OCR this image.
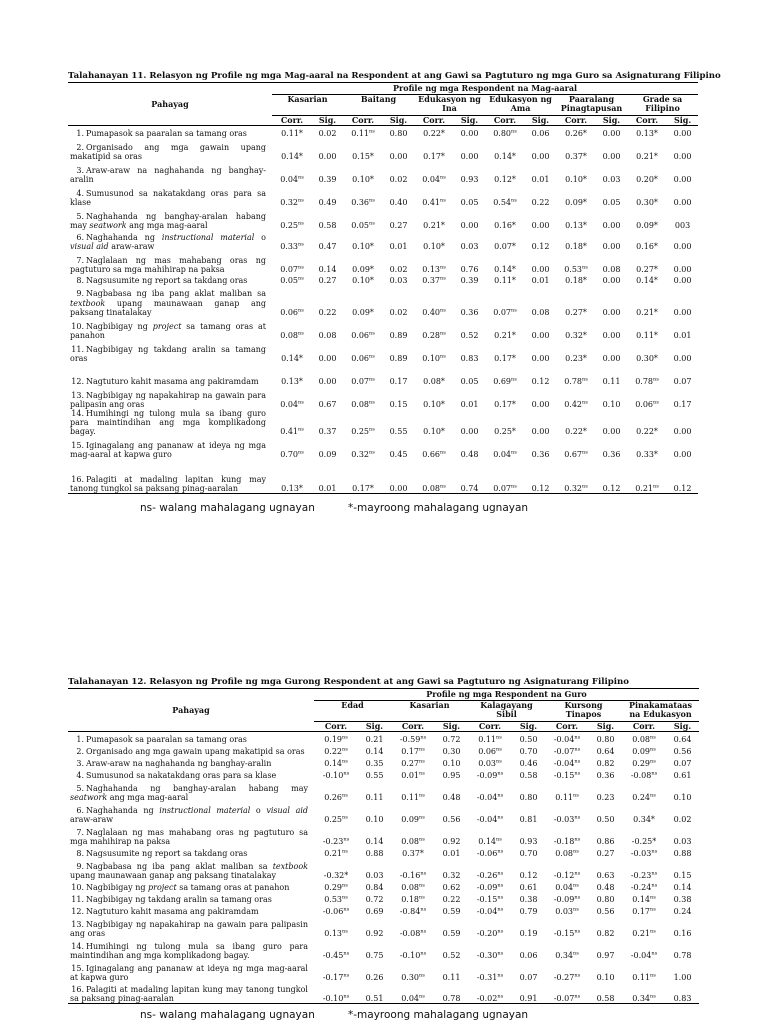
Talahanayan 11. Relasyon ng Profile ng mga Mag-aaral na Respondent at ang Gawi sa Pagtuturo ng mga Guro sa Asignaturang Filipino
Pahayag	Profile ng mga Respondent na Mag-aaral											
	Kasarian		Baitang		Edukasyon ng Ina		Edukasyon ng Ama		Paaralang Pinagtapusan		Grade sa Filipino	
	Corr.	Sig.	Corr.	Sig.	Corr.	Sig.	Corr.	Sig.	Corr.	Sig.	Corr.	Sig.
1. Pumapasok sa paaralan sa tamang oras	0.11*	0.02	$0.11^{ns}$	0.80	0.22*	0.00	$0.80^{ns}$	0.06	0.26*	0.00	0.13*	0.00
2. Organisado ang mga gawain upang makatipid sa oras	0.14*	0.00	0.15*	0.00	0.17*	0.00	0.14*	0.00	0.37*	0.00	0.21*	0.00
3. Araw-araw na naghahanda ng banghay-aralin	$0.04^{ns}$	0.39	0.10*	0.02	$0.04^{ns}$	0.93	0.12*	0.01	0.10*	0.03	0.20*	0.00
4. Sumusunod sa nakatakdang oras para sa klase	$0.32^{ns}$	0.49	$0.36^{ns}$	0.40	$0.41^{ns}$	0.05	$0.54^{ns}$	0.22	0.09*	0.05	0.30*	0.00
5. Naghahanda ng banghay-aralan habang may seatwork ang mga mag-aaral	$0.25^{ns}$	0.58	$0.05^{ns}$	0.27	0.21*	0.00	0.16*	0.00	0.13*	0.00	0.09*	003
6. Naghahanda ng instructional material o visual aid araw-araw	$0.33^{ns}$	0.47	0.10*	0.01	0.10*	0.03	0.07*	0.12	0.18*	0.00	0.16*	0.00
7. Naglalaan ng mas mahabang oras ng pagtuturo sa mga mahihirap na paksa	$0.07^{ns}$	0.14	0.09*	0.02	$0.13^{ns}$	0.76	0.14*	0.00	$0.53^{ns}$	0.08	0.27*	0.00
8. Nagsusumite ng report sa takdang oras	$0.05^{ns}$	0.27	0.10*	0.03	$0.37^{ns}$	0.39	0.11*	0.01	0.18*	0.00	0.14*	0.00
9. Nagbabasa ng iba pang aklat maliban sa textbook upang maunawaan ganap ang paksang tinatalakay	$0.06^{ns}$	0.22	0.09*	0.02	$0.40^{ns}$	0.36	$0.07^{ns}$	0.08	0.27*	0.00	0.21*	0.00
10. Nagbibigay ng project sa tamang oras at panahon	$0.08^{ns}$	0.08	$0.06^{ns}$	0.89	$0.28^{ns}$	0.52	0.21*	0.00	0.32*	0.00	0.11*	0.01
11. Nagbibigay ng takdang aralin sa tamang oras	0.14*	0.00	$0.06^{ns}$	0.89	$0.10^{ns}$	0.83	0.17*	0.00	0.23*	0.00	0.30*	0.00
12. Nagtuturo kahit masama ang pakiramdam	0.13*	0.00	$0.07^{ns}$	0.17	0.08*	0.05	$0.69^{ns}$	0.12	$0.78^{ns}$	0.11	$0.78^{ns}$	0.07
13. Nagbibigay ng napakahirap na gawain para palipasin ang oras	$0.04^{ns}$	0.67	$0.08^{ns}$	0.15	0.10*	0.01	0.17*	0.00	$0.42^{ns}$	0.10	$0.06^{ns}$	0.17
14. Humihingi ng tulong mula sa ibang guro para maintindihan ang mga komplikadong bagay.	$0.41^{ns}$	0.37	$0.25^{ns}$	0.55	0.10*	0.00	0.25*	0.00	0.22*	0.00	0.22*	0.00
15. Iginagalang ang pananaw at ideya ng mga mag-aaral at kapwa guro	$0.70^{ns}$	0.09	$0.32^{ns}$	0.45	$0.66^{ns}$	0.48	$0.04^{ns}$	0.36	$0.67^{ns}$	0.36	0.33*	0.00
16. Palagiti at madaling lapitan kung may tanong tungkol sa paksang pinag-aaralan	0.13*	0.01	0.17*	0.00	$0.08^{ns}$	0.74	$0.07^{ns}$	0.12	$0.32^{ns}$	0.12	$0.21^{ns}$	0.12
ns- walang mahalagang ugnayan	*-mayroong mahalagang ugnayan
Talahanayan 12. Relasyon ng Profile ng mga Gurong Respondent at ang Gawi sa Pagtuturo ng Asignaturang Filipino
Pahayag	Profile ng mga Respondent na Guro									
	Edad		Kasarian		Kalagayang Sibil		Kursong Tinapos		Pinakamataas na Edukasyon	
	Corr.	Sig.	Corr.	Sig.	Corr.	Sig.	Corr.	Sig.	Corr.	Sig.
1. Pumapasok sa paaralan sa tamang oras	$0.19^{ns}$	0.21	$-0.59^{ns}$	0.72	$0.11^{ns}$	0.50	$-0.04^{ns}$	0.80	$0.08^{ns}$	0.64
2. Organisado ang mga gawain upang makatipid sa oras	$0.22^{ns}$	0.14	$0.17^{ns}$	0.30	$0.06^{ns}$	0.70	$-0.07^{ns}$	0.64	$0.09^{ns}$	0.56
3. Araw-araw na naghahanda ng banghay-aralin	$0.14^{ns}$	0.35	$0.27^{ns}$	0.10	$0.03^{ns}$	0.46	$-0.04^{ns}$	0.82	$0.29^{ns}$	0.07
4. Sumusunod sa nakatakdang oras para sa klase	$-0.10^{ns}$	0.55	$0.01^{ns}$	0.95	$-0.09^{ns}$	0.58	$-0.15^{ns}$	0.36	$-0.08^{ns}$	0.61
5. Naghahanda ng banghay-aralan habang may seatwork ang mga mag-aaral	$0.26^{ns}$	0.11	$0.11^{ns}$	0.48	$-0.04^{ns}$	0.80	$0.11^{ns}$	0.23	$0.24^{ns}$	0.10
6. Naghahanda ng instructional material o visual aid araw-araw	$0.25^{ns}$	0.10	$0.09^{ns}$	0.56	$-0.04^{ns}$	0.81	$-0.03^{ns}$	0.50	0.34*	0.02
7. Naglalaan ng mas mahabang oras ng pagtuturo sa mga mahihirap na paksa	$-0.23^{ns}$	0.14	$0.08^{ns}$	0.92	$0.14^{ns}$	0.93	$-0.18^{ns}$	0.86	-0.25*	0.03
8. Nagsusumite ng report sa takdang oras	$0.21^{ns}$	0.88	0.37*	0.01	$-0.06^{ns}$	0.70	$0.08^{ns}$	0.27	$-0.03^{ns}$	0.88
9. Nagbabasa ng iba pang aklat maliban sa textbook upang maunawaan ganap ang paksang tinatalakay	-0.32*	0.03	$-0.16^{ns}$	0.32	$-0.26^{ns}$	0.12	$-0.12^{ns}$	0.63	$-0.23^{ns}$	0.15
10. Nagbibigay ng project sa tamang oras at panahon	$0.29^{ns}$	0.84	$0.08^{ns}$	0.62	$-0.09^{ns}$	0.61	$0.04^{ns}$	0.48	$-0.24^{ns}$	0.14
11. Nagbibigay ng takdang aralin sa tamang oras	$0.53^{ns}$	0.72	$0.18^{ns}$	0.22	$-0.15^{ns}$	0.38	$-0.09^{ns}$	0.80	$0.14^{ns}$	0.38
12. Nagtuturo kahit masama ang pakiramdam	$-0.06^{ns}$	0.69	$-0.84^{ns}$	0.59	$-0.04^{ns}$	0.79	$0.03^{ns}$	0.56	$0.17^{ns}$	0.24
13. Nagbibigay ng napakahirap na gawain para palipasin ang oras	$0.13^{ns}$	0.92	$-0.08^{ns}$	0.59	$-0.20^{ns}$	0.19	$-0.15^{ns}$	0.82	$0.21^{ns}$	0.16
14. Humihingi ng tulong mula sa ibang guro para maintindihan ang mga komplikadong bagay.	$-0.45^{ns}$	0.75	$-0.10^{ns}$	0.52	$-0.30^{ns}$	0.06	$0.34^{ns}$	0.97	$-0.04^{ns}$	0.78
15. Iginagalang ang pananaw at ideya ng mga mag-aaral at kapwa guro	$-0.17^{ns}$	0.26	$0.30^{ns}$	0.11	$-0.31^{ns}$	0.07	$-0.27^{ns}$	0.10	$0.11^{ns}$	1.00
16. Palagiti at madaling lapitan kung may tanong tungkol sa paksang pinag-aaralan	$-0.10^{ns}$	0.51	$0.04^{ns}$	0.78	$-0.02^{ns}$	0.91	$-0.07^{ns}$	0.58	$0.34^{ns}$	0.83
ns- walang mahalagang ugnayan	*-mayroong mahalagang ugnayan
